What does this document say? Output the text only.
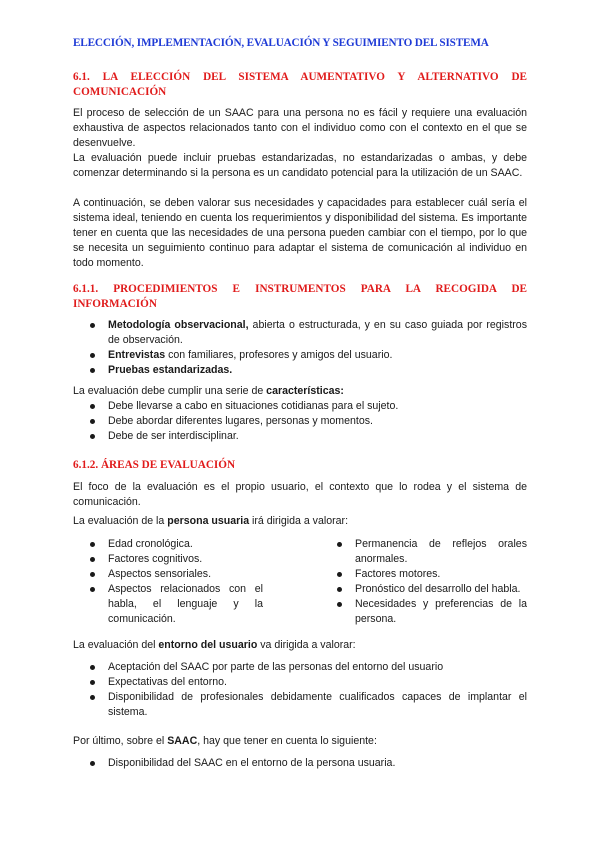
ELECCIÓN, IMPLEMENTACIÓN, EVALUACIÓN Y SEGUIMIENTO DEL SISTEMA
6.1. LA ELECCIÓN DEL SISTEMA AUMENTATIVO Y ALTERNATIVO DE
COMUNICACIÓN

El proceso de selección de un SAAC para una persona no es fácil y requiere una evaluación exhaustiva de aspectos relacionados tanto con el individuo como con el contexto en el que se desenvuelve.

La evaluación puede incluir pruebas estandarizadas, no estandarizadas o ambas, y debe comenzar determinando si la persona es un candidato potencial para la utilización de un SAAC.

A continuación, se deben valorar sus necesidades y capacidades para establecer cuál sería el sistema ideal, teniendo en cuenta los requerimientos y disponibilidad del sistema. Es importante tener en cuenta que las necesidades de una persona pueden cambiar con el tiempo, por lo que se necesita un seguimiento continuo para adaptar el sistema de comunicación al individuo en todo momento.

6.1.1. PROCEDIMIENTOS E INSTRUMENTOS PARA LA RECOGIDA DE
INFORMACIÓN
Metodología observacional, abierta o estructurada, y en su caso guiada por registros de observación.
Entrevistas con familiares, profesores y amigos del usuario.
Pruebas estandarizadas.

La evaluación debe cumplir una serie de características:

Debe llevarse a cabo en situaciones cotidianas para el sujeto.
Debe abordar diferentes lugares, personas y momentos.
Debe de ser interdisciplinar.
6.1.2. ÁREAS DE EVALUACIÓN

El foco de la evaluación es el propio usuario, el contexto que lo rodea y el sistema de comunicación.

La evaluación de la persona usuaria irá dirigida a valorar:

Edad cronológica.
Factores cognitivos.
Aspectos sensoriales.
Aspectos relacionados con el habla, el lenguaje y la comunicación.
Permanencia de reflejos orales anormales.
Factores motores.
Pronóstico del desarrollo del habla.
Necesidades y preferencias de la persona.

La evaluación del entorno del usuario va dirigida a valorar:

Aceptación del SAAC por parte de las personas del entorno del usuario
Expectativas del entorno.
Disponibilidad de profesionales debidamente cualificados capaces de implantar el sistema.

Por último, sobre el SAAC, hay que tener en cuenta lo siguiente:

Disponibilidad del SAAC en el entorno de la persona usuaria.
